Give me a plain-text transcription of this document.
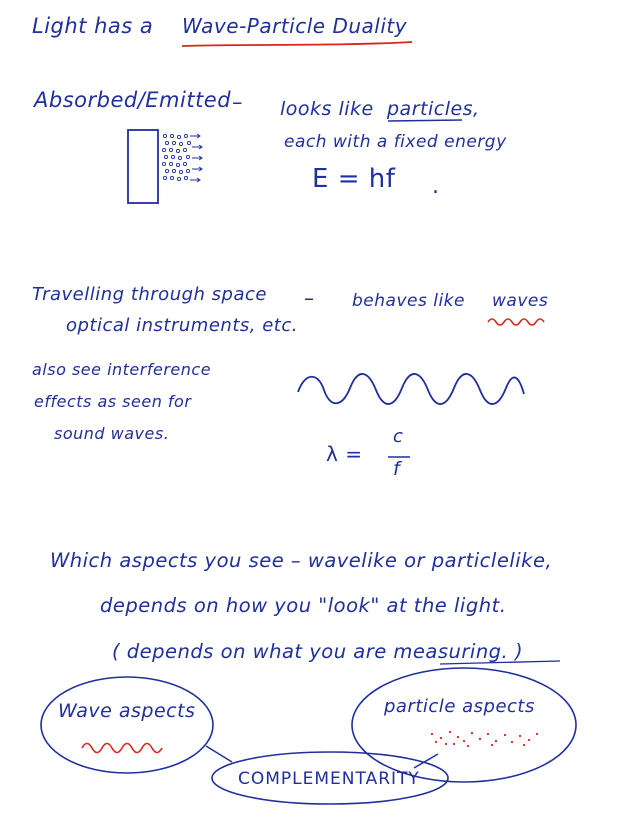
Light has a Wave-Particle Duality
Absorbed/Emitted – looks like particles,
each with a fixed energy
E = hf .
Travelling through space
optical instruments, etc.
– behaves like waves
also see interference
effects as seen for
sound waves.
λ =
c
f
Which aspects you see – wavelike or particlelike,
depends on how you "look" at the light.
( depends on what you are measuring. )
Wave aspects	particle aspects
COMPLEMENTARITY
